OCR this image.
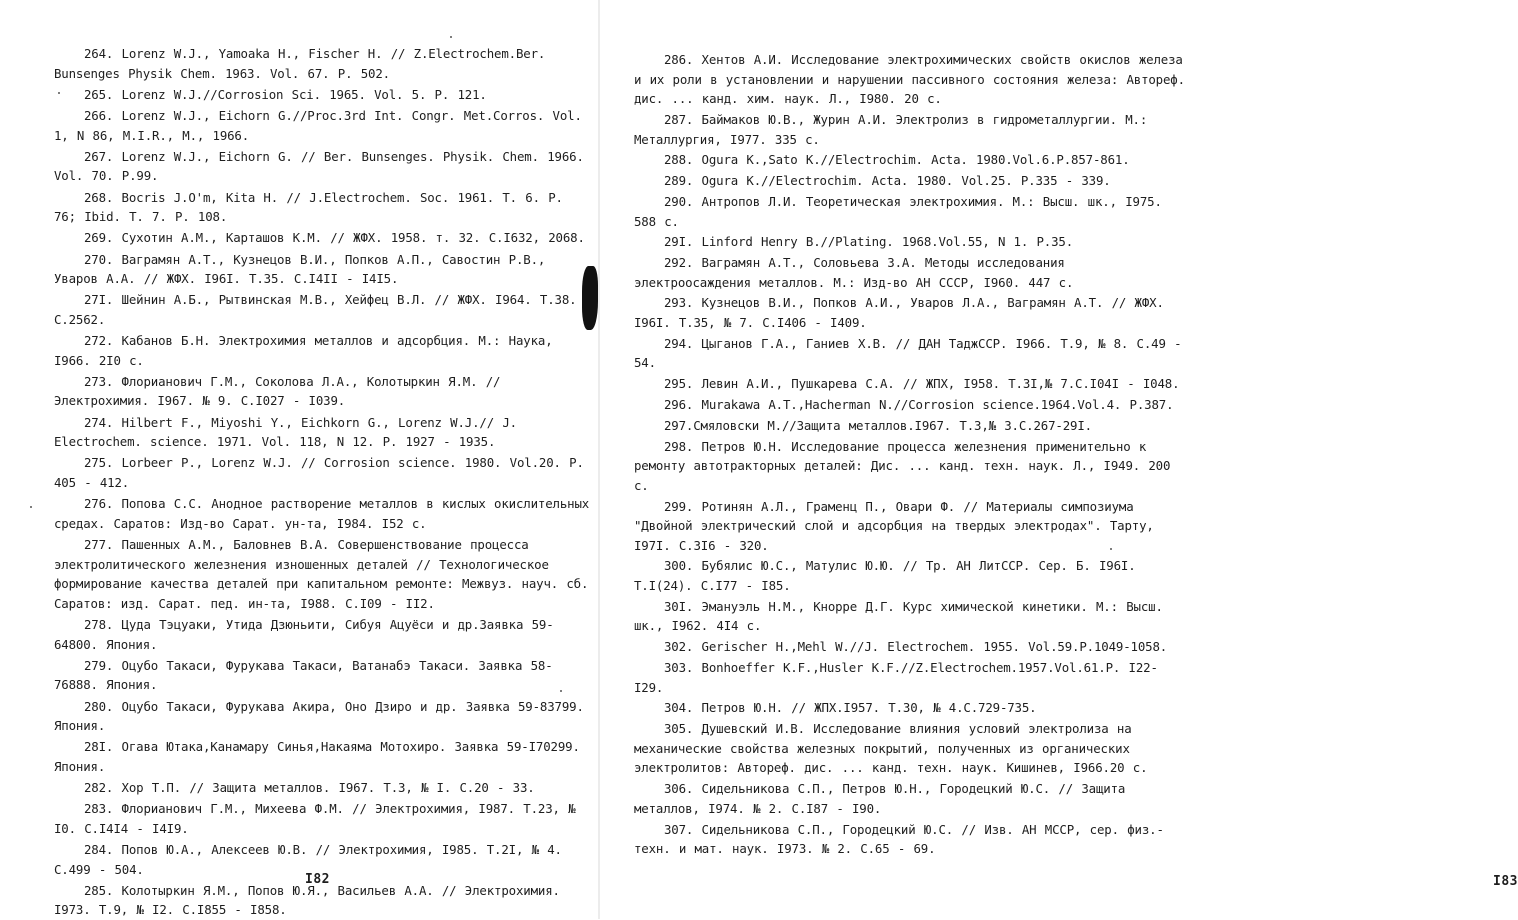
264. Lorenz W.J., Yamoaka H., Fischer H. // Z.Electrochem.Ber. Bunsenges Physik Chem. 1963. Vol. 67. P. 502.
265. Lorenz W.J.//Corrosion Sci. 1965. Vol. 5. P. 121.
266. Lorenz W.J., Eichorn G.//Proc.3rd Int. Congr. Met.Corros. Vol. 1, N 86, M.I.R., M., 1966.
267. Lorenz W.J., Eichorn G. // Ber. Bunsenges. Physik. Chem. 1966. Vol. 70. P.99.
268. Bocris J.O'm, Kita H. // J.Electrochem. Soc. 1961. T. 6. P. 76; Ibid. T. 7. P. 108.
269. Сухотин А.М., Карташов К.М. // ЖФХ. 1958. т. 32. С.I632, 2068.
270. Ваграмян А.Т., Кузнецов В.И., Попков А.П., Савостин Р.В., Уваров А.А. // ЖФХ. I96I. Т.35. С.I4II - I4I5.
27I. Шейнин А.Б., Рытвинская М.В., Хейфец В.Л. // ЖФХ. I964. Т.38. С.2562.
272. Кабанов Б.Н. Электрохимия металлов и адсорбция. М.: Наука, I966. 2I0 с.
273. Флорианович Г.М., Соколова Л.А., Колотыркин Я.М. // Электрохимия. I967. № 9. С.I027 - I039.
274. Hilbert F., Miyoshi Y., Eichkorn G., Lorenz W.J.// J. Electrochem. science. 1971. Vol. 118, N 12. P. 1927 - 1935.
275. Lorbeer P., Lorenz W.J. // Corrosion science. 1980. Vol.20. P. 405 - 412.
276. Попова С.С. Анодное растворение металлов в кислых окислительных средах. Саратов: Изд-во Сарат. ун-та, I984. I52 с.
277. Пашенных А.М., Баловнев В.А. Совершенствование процесса электролитического железнения изношенных деталей // Технологическое формирование качества деталей при капитальном ремонте: Межвуз. науч. сб. Саратов: изд. Сарат. пед. ин-та, I988. С.I09 - II2.
278. Цуда Тэцуаки, Утида Дзюньити, Сибуя Ацуёси и др.Заявка 59-64800. Япония.
279. Оцубо Такаси, Фурукава Такаси, Ватанабэ Такаси. Заявка 58-76888. Япония.
280. Оцубо Такаси, Фурукава Акира, Оно Дзиро и др. Заявка 59-83799. Япония.
28I. Огава Ютака,Канамару Синья,Накаяма Мотохиро. Заявка 59-I70299. Япония.
282. Хор Т.П. // Защита металлов. I967. Т.3, № I. С.20 - 33.
283. Флорианович Г.М., Михеева Ф.М. // Электрохимия, I987. Т.23, № I0. С.I4I4 - I4I9.
284. Попов Ю.А., Алексеев Ю.В. // Электрохимия, I985. Т.2I, № 4. С.499 - 504.
285. Колотыркин Я.М., Попов Ю.Я., Васильев А.А. // Электрохимия. I973. Т.9, № I2. С.I855 - I858.
I82
286. Хентов А.И. Исследование электрохимических свойств окислов железа и их роли в установлении и нарушении пассивного состояния железа: Автореф. дис. ... канд. хим. наук. Л., I980. 20 с.
287. Баймаков Ю.В., Журин А.И. Электролиз в гидрометаллургии. М.: Металлургия, I977. 335 с.
288. Ogura K.,Sato K.//Electrochim. Acta. 1980.Vol.6.P.857-861.
289. Ogura K.//Electrochim. Acta. 1980. Vol.25. P.335 - 339.
290. Антропов Л.И. Теоретическая электрохимия. М.: Высш. шк., I975. 588 с.
29I. Linford Henry B.//Plating. 1968.Vol.55, N 1. P.35.
292. Ваграмян А.Т., Соловьева З.А. Методы исследования электроосаждения металлов. М.: Изд-во АН СССР, I960. 447 с.
293. Кузнецов В.И., Попков А.И., Уваров Л.А., Ваграмян А.Т. // ЖФХ. I96I. Т.35, № 7. С.I406 - I409.
294. Цыганов Г.А., Ганиев Х.В. // ДАН ТаджССР. I966. Т.9, № 8. С.49 - 54.
295. Левин А.И., Пушкарева С.А. // ЖПХ, I958. Т.3I,№ 7.С.I04I - I048.
296. Murakawa A.T.,Hacherman N.//Corrosion science.1964.Vol.4. P.387.
297.Смяловски М.//Защита металлов.I967. Т.3,№ 3.С.267-29I.
298. Петров Ю.Н. Исследование процесса железнения применительно к ремонту автотракторных деталей: Дис. ... канд. техн. наук. Л., I949. 200 с.
299. Ротинян А.Л., Граменц П., Овари Ф. // Материалы симпозиума "Двойной электрический слой и адсорбция на твердых электродах". Тарту, I97I. С.3I6 - 320.
300. Бубялис Ю.С., Матулис Ю.Ю. // Тр. АН ЛитССР. Сер. Б. I96I. Т.I(24). С.I77 - I85.
30I. Эмануэль Н.М., Кнорре Д.Г. Курс химической кинетики. М.: Высш. шк., I962. 4I4 с.
302. Gerischer H.,Mehl W.//J. Electrochem. 1955. Vol.59.P.1049-1058.
303. Bonhoeffer K.F.,Husler K.F.//Z.Electrochem.1957.Vol.61.P. I22-I29.
304. Петров Ю.Н. // ЖПХ.I957. Т.30, № 4.С.729-735.
305. Душевский И.В. Исследование влияния условий электролиза на механические свойства железных покрытий, полученных из органических электролитов: Автореф. дис. ... канд. техн. наук. Кишинев, I966.20 с.
306. Сидельникова С.П., Петров Ю.Н., Городецкий Ю.С. // Защита металлов, I974. № 2. С.I87 - I90.
307. Сидельникова С.П., Городецкий Ю.С. // Изв. АН МССР, сер. физ.-техн. и мат. наук. I973. № 2. С.65 - 69.
I83
